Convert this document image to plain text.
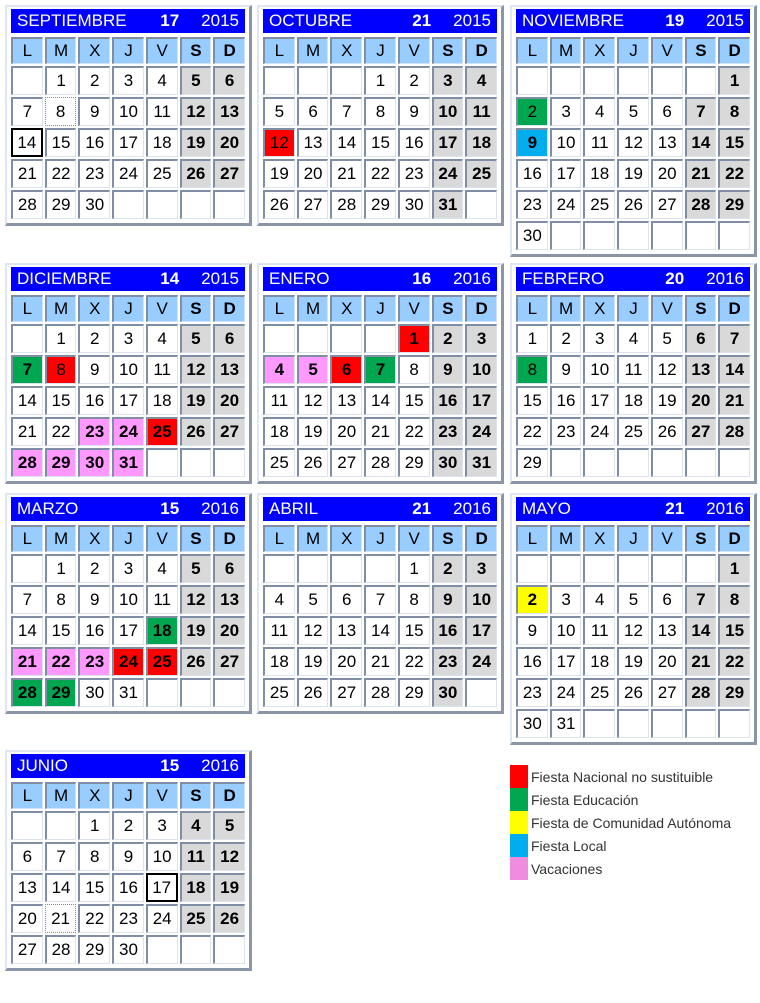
SEPTIEMBRE 17 2015
L	M	X	J	V	S	D
	1	2	3	4	5	6
7	8	9	10	11	12	13
14	15	16	17	18	19	20
21	22	23	24	25	26	27
28	29	30				
OCTUBRE	21 2015
L	M	X	J	V	S	D
			1	2	3	4
5	6	7	8	9	10	11
12	13	14	15	16	17	18
19	20	21	22	23	24	25
26	27	28	29	30	31	
NOVIEMBRE 19 2015
L	M	X	J	V	S	D
						1
2	3	4	5	6	7	8
9	10	11	12	13	14	15
16	17	18	19	20	21	22
23	24	25	26	27	28	29
30						
DICIEMBRE	14 2015
L	M	X	J	V	S	D
	1	2	3	4	5	6
7	8	9	10	11	12	13
14	15	16	17	18	19	20
21	22	23	24	25	26	27
28	29	30	31			
ENERO	16 2016
L	M	X	J	V	S	D
				1	2	3
4	5	6	7	8	9	10
11	12	13	14	15	16	17
18	19	20	21	22	23	24
25	26	27	28	29	30	31
FEBRERO	20 2016
L	M	X	J	V	S	D
1	2	3	4	5	6	7
8	9	10	11	12	13	14
15	16	17	18	19	20	21
22	23	24	25	26	27	28
29						
MARZO	15 2016
L	M	X	J	V	S	D
	1	2	3	4	5	6
7	8	9	10	11	12	13
14	15	16	17	18	19	20
21	22	23	24	25	26	27
28	29	30	31			
ABRIL	21 2016
L	M	X	J	V	S	D
				1	2	3
4	5	6	7	8	9	10
11	12	13	14	15	16	17
18	19	20	21	22	23	24
25	26	27	28	29	30	
MAYO	21 2016
L	M	X	J	V	S	D
						1
2	3	4	5	6	7	8
9	10	11	12	13	14	15
16	17	18	19	20	21	22
23	24	25	26	27	28	29
30	31					
JUNIO	15 2016
L	M	X	J	V	S	D
		1	2	3	4	5
6	7	8	9	10	11	12
13	14	15	16	17	18	19
20	21	22	23	24	25	26
27	28	29	30			
Fiesta Nacional no sustituible
Fiesta Educación
Fiesta de Comunidad Autónoma
Fiesta Local
Vacaciones
